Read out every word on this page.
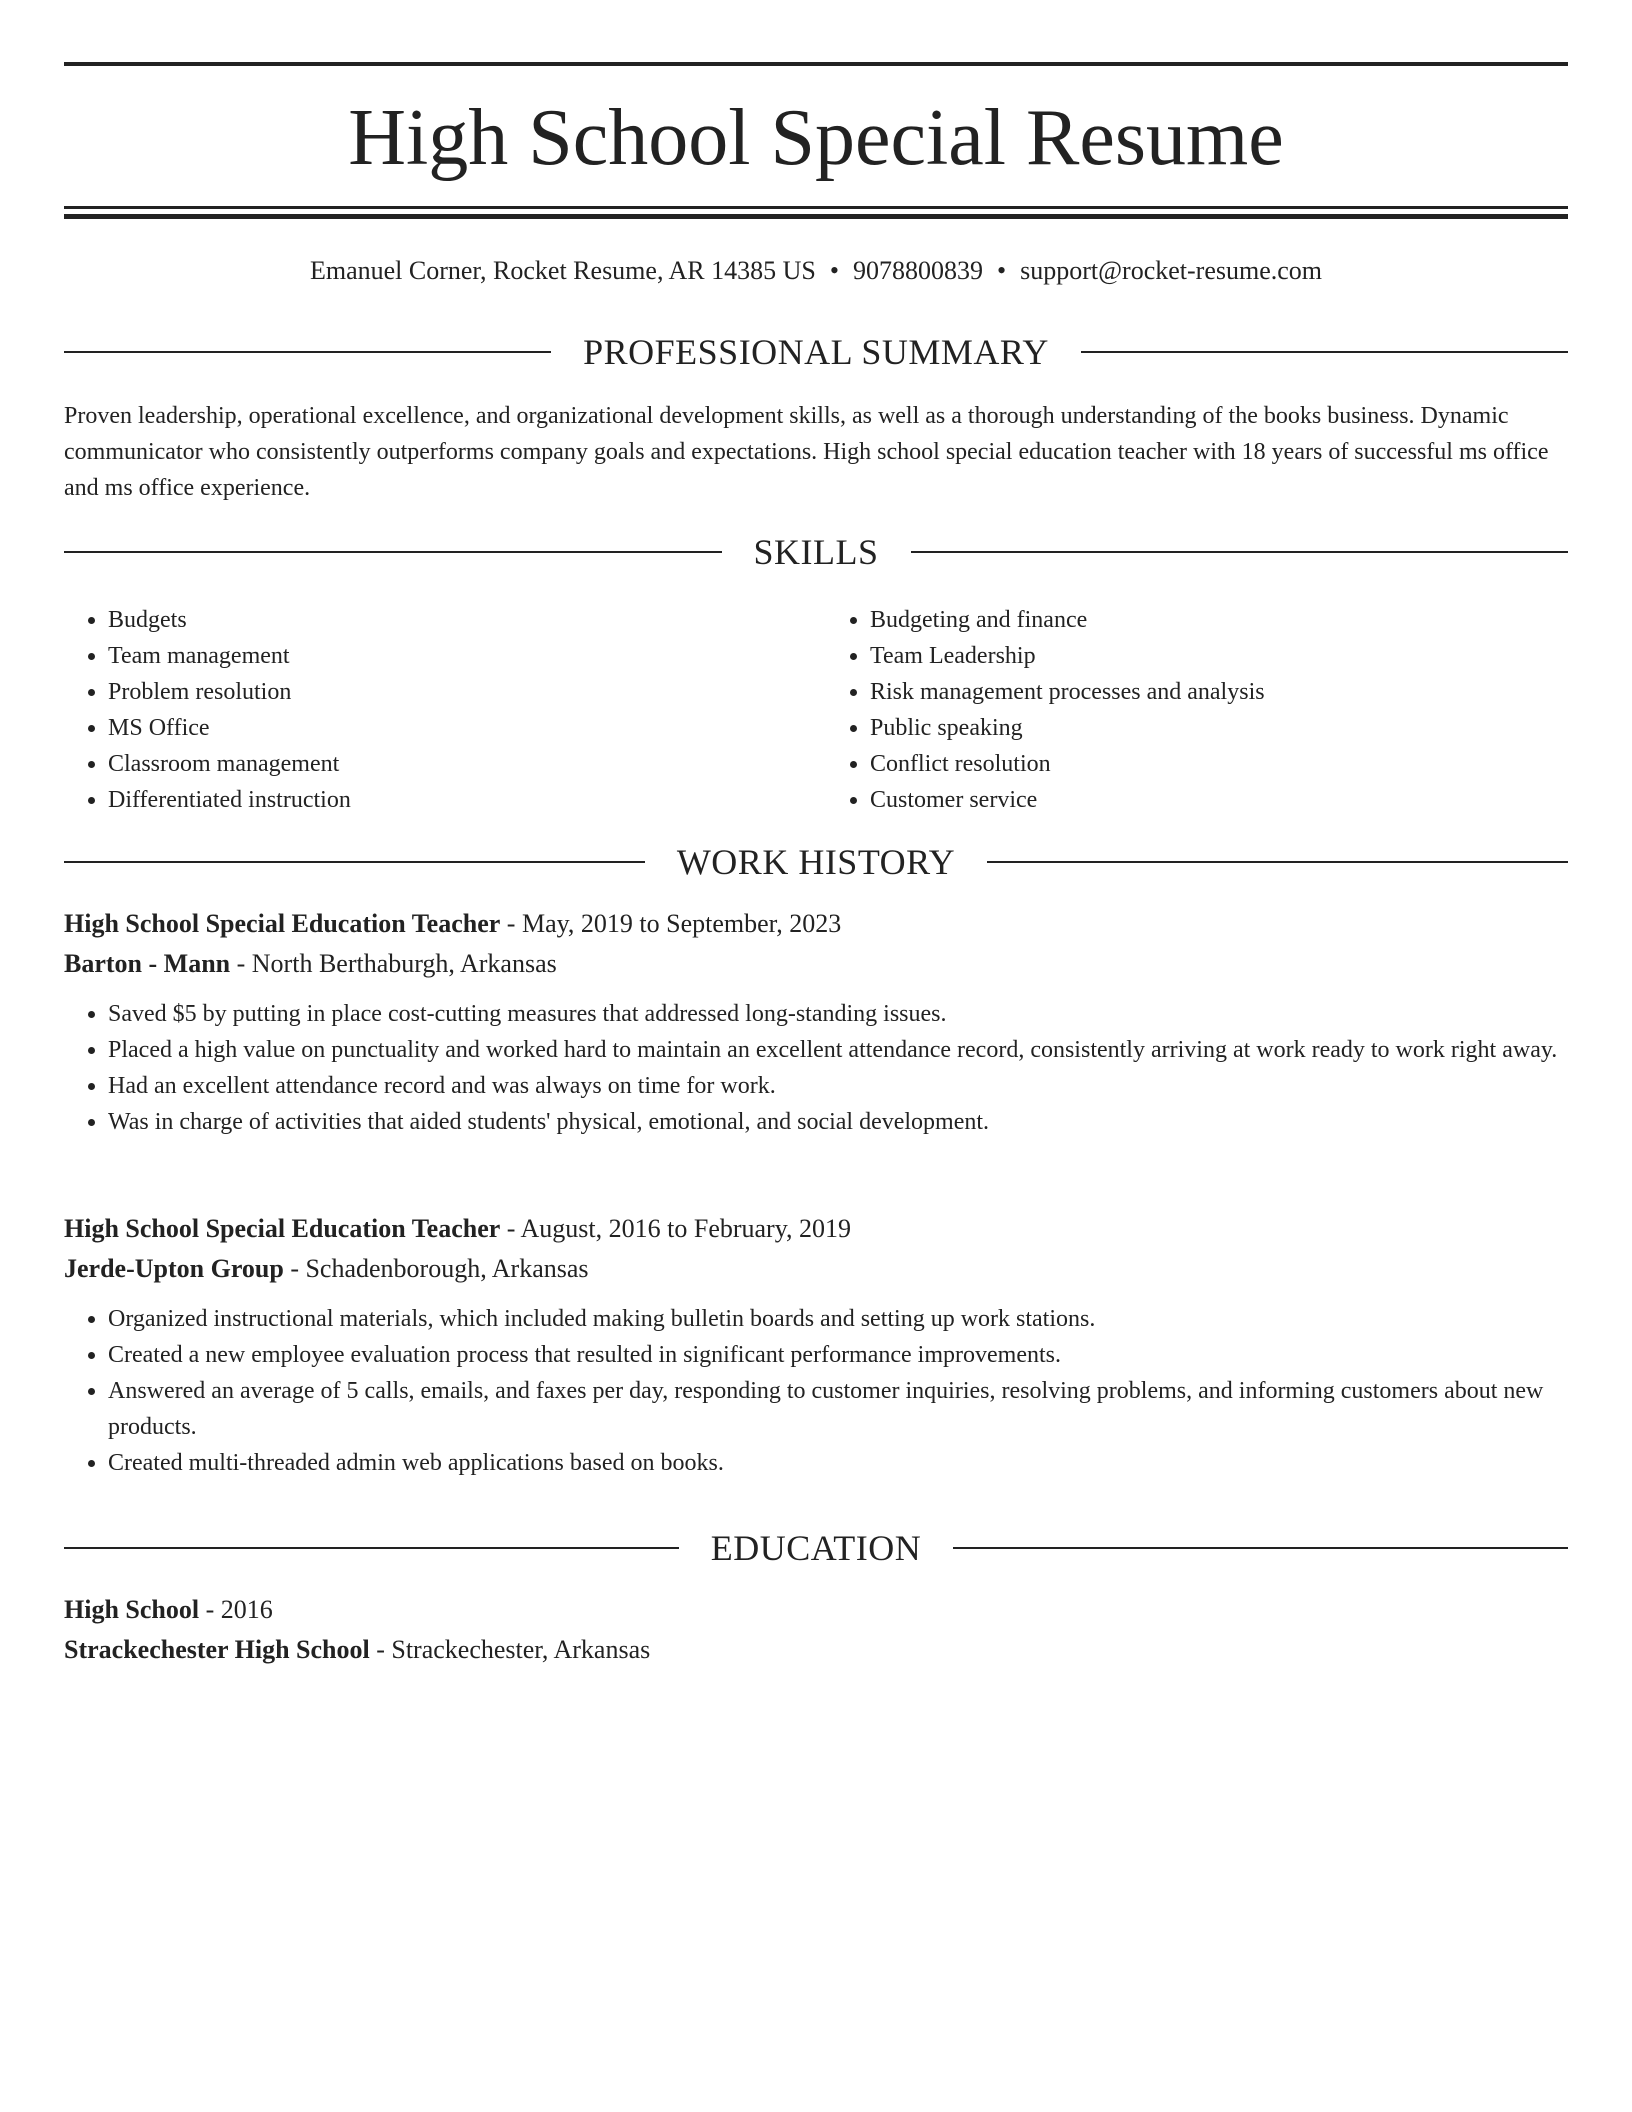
High School Special Resume
Emanuel Corner, Rocket Resume, AR 14385 US • 9078800839 • support@rocket-resume.com
PROFESSIONAL SUMMARY

Proven leadership, operational excellence, and organizational development skills, as well as a thorough understanding of the books business. Dynamic communicator who consistently outperforms company goals and expectations. High school special education teacher with 18 years of successful ms office and ms office experience.

SKILLS
• Budgets
• Team management
• Problem resolution
• MS Office
• Classroom management
• Differentiated instruction
• Budgeting and finance
• Team Leadership
• Risk management processes and analysis
• Public speaking
• Conflict resolution
• Customer service
WORK HISTORY
High School Special Education Teacher - May, 2019 to September, 2023
Barton - Mann - North Berthaburgh, Arkansas
• Saved $5 by putting in place cost-cutting measures that addressed long-standing issues.
• Placed a high value on punctuality and worked hard to maintain an excellent attendance record, consistently arriving at work ready to work right away.
• Had an excellent attendance record and was always on time for work.
• Was in charge of activities that aided students' physical, emotional, and social development.
High School Special Education Teacher - August, 2016 to February, 2019
Jerde-Upton Group - Schadenborough, Arkansas
• Organized instructional materials, which included making bulletin boards and setting up work stations.
• Created a new employee evaluation process that resulted in significant performance improvements.
• Answered an average of 5 calls, emails, and faxes per day, responding to customer inquiries, resolving problems, and informing customers about new products.
• Created multi-threaded admin web applications based on books.
EDUCATION
High School - 2016
Strackechester High School - Strackechester, Arkansas
